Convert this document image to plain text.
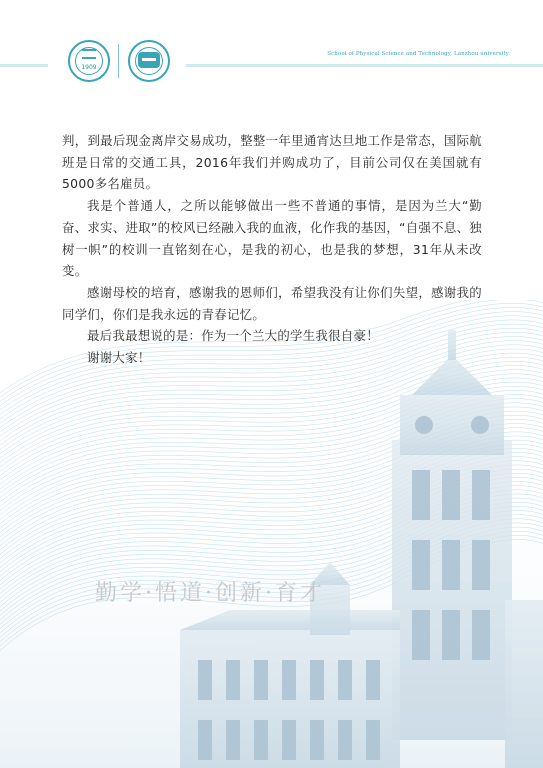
1909
School of Physical Science and Technology, Lanzhou university

判，到最后现金离岸交易成功，整整一年里通宵达旦地工作是常态，国际航班是日常的交通工具，2016年我们并购成功了，目前公司仅在美国就有5000多名雇员。

我是个普通人，之所以能够做出一些不普通的事情，是因为兰大“勤奋、求实、进取”的校风已经融入我的血液，化作我的基因，“自强不息、独树一帜”的校训一直铭刻在心，是我的初心，也是我的梦想，31年从未改变。

感谢母校的培育，感谢我的恩师们，希望我没有让你们失望，感谢我的同学们，你们是我永远的青春记忆。

最后我最想说的是：作为一个兰大的学生我很自豪！

谢谢大家！

勤学·悟道·创新·育才
